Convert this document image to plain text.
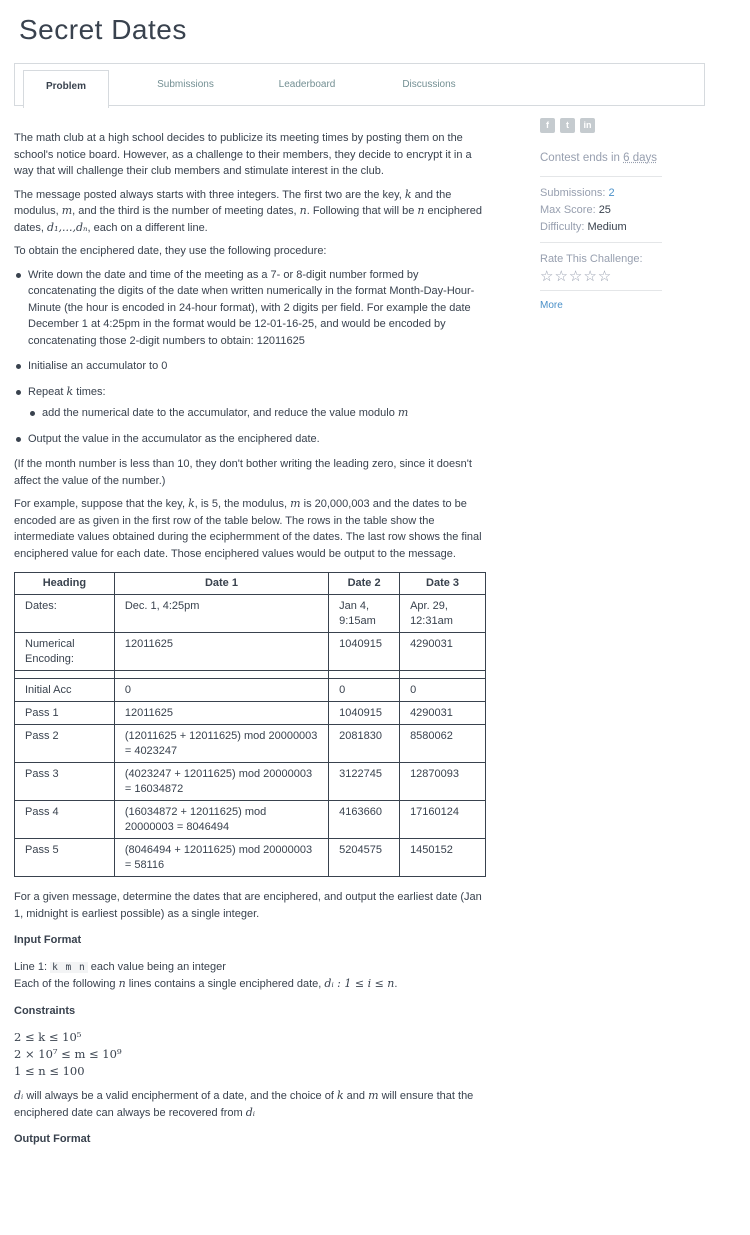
Secret Dates
Problem	Submissions	Leaderboard	Discussions

The math club at a high school decides to publicize its meeting times by posting them on the school's notice board. However, as a challenge to their members, they decide to encrypt it in a way that will challenge their club members and stimulate interest in the club.

The message posted always starts with three integers. The first two are the key, k and the modulus, m, and the third is the number of meeting dates, n. Following that will be n enciphered dates, d₁,...,dₙ, each on a different line.

To obtain the enciphered date, they use the following procedure:

Write down the date and time of the meeting as a 7- or 8-digit number formed by concatenating the digits of the date when written numerically in the format Month-Day-Hour-Minute (the hour is encoded in 24-hour format), with 2 digits per field. For example the date December 1 at 4:25pm in the format would be 12-01-16-25, and would be encoded by concatenating those 2-digit numbers to obtain: 12011625
Initialise an accumulator to 0
Repeat k times:
add the numerical date to the accumulator, and reduce the value modulo m
Output the value in the accumulator as the enciphered date.

(If the month number is less than 10, they don't bother writing the leading zero, since it doesn't affect the value of the number.)

For example, suppose that the key, k, is 5, the modulus, m is 20,000,003 and the dates to be encoded are as given in the first row of the table below. The rows in the table show the intermediate values obtained during the eciphermment of the dates. The last row shows the final enciphered value for each date. Those enciphered values would be output to the message.

Heading	Date 1	Date 2	Date 3
Dates:	Dec. 1, 4:25pm	Jan 4, 9:15am	Apr. 29, 12:31am
Numerical Encoding:	12011625	1040915	4290031

Initial Acc	0	0	0
Pass 1	12011625	1040915	4290031
Pass 2	(12011625 + 12011625) mod 20000003 = 4023247	2081830	8580062
Pass 3	(4023247 + 12011625) mod 20000003 = 16034872	3122745	12870093
Pass 4	(16034872 + 12011625) mod 20000003 = 8046494	4163660	17160124
Pass 5	(8046494 + 12011625) mod 20000003 = 58116	5204575	1450152

For a given message, determine the dates that are enciphered, and output the earliest date (Jan 1, midnight is earliest possible) as a single integer.

Input Format
Line 1: k m n each value being an integer
Each of the following n lines contains a single enciphered date, dᵢ : 1 ≤ i ≤ n.
Constraints
2 ≤ k ≤ 10⁵
2 × 10⁷ ≤ m ≤ 10⁹
1 ≤ n ≤ 100

dᵢ will always be a valid encipherment of a date, and the choice of k and m will ensure that the enciphered date can always be recovered from dᵢ

Output Format
f	t	in
Contest ends in 6 days
Submissions: 2
Max Score: 25
Difficulty: Medium
Rate This Challenge:
☆☆☆☆☆
More
